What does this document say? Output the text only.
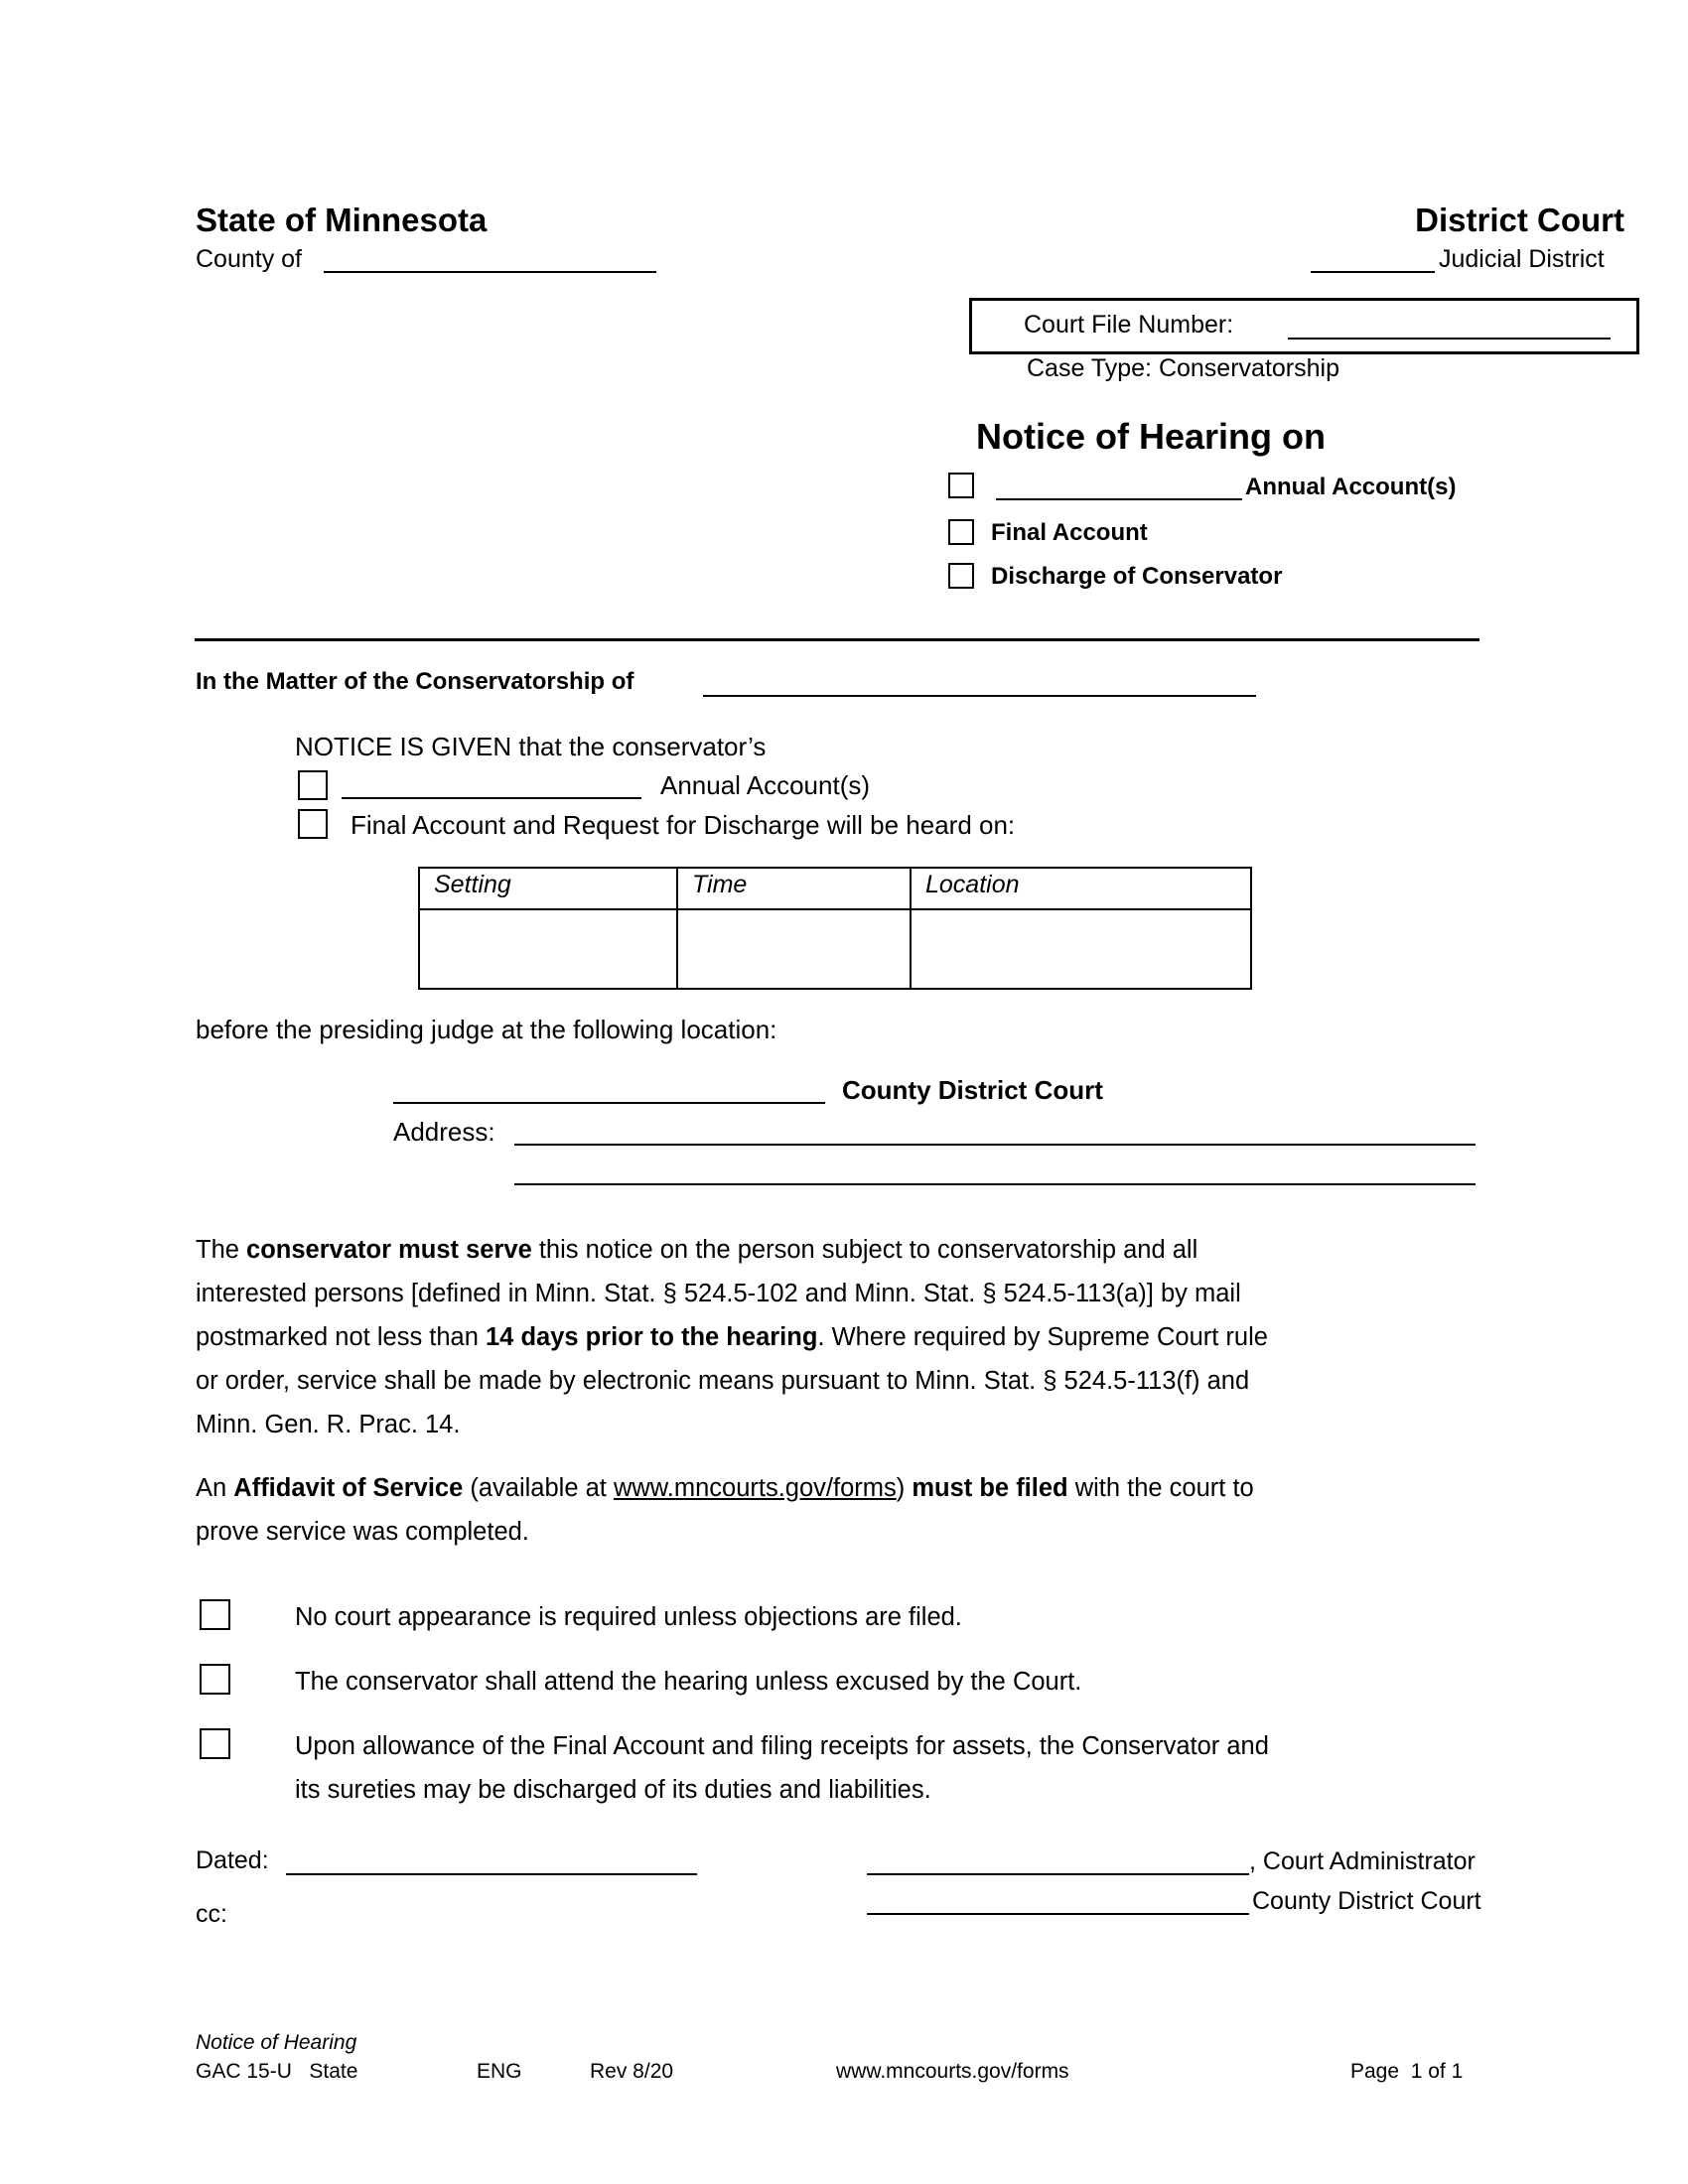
State of Minnesota
County of
District Court
Judicial District
Court File Number:
Case Type: Conservatorship
Notice of Hearing on
Annual Account(s)
Final Account
Discharge of Conservator
In the Matter of the Conservatorship of
NOTICE IS GIVEN that the conservator’s
Annual Account(s)
Final Account and Request for Discharge will be heard on:
Setting	Time	Location

before the presiding judge at the following location:
County District Court
Address:
The conservator must serve this notice on the person subject to conservatorship and all
interested persons [defined in Minn. Stat. § 524.5-102 and Minn. Stat. § 524.5-113(a)] by mail
postmarked not less than 14 days prior to the hearing. Where required by Supreme Court rule
or order, service shall be made by electronic means pursuant to Minn. Stat. § 524.5-113(f) and
Minn. Gen. R. Prac. 14.
An Affidavit of Service (available at www.mncourts.gov/forms) must be filed with the court to
prove service was completed.
No court appearance is required unless objections are filed.
The conservator shall attend the hearing unless excused by the Court.
Upon allowance of the Final Account and filing receipts for assets, the Conservator and
its sureties may be discharged of its duties and liabilities.
Dated:
cc:
, Court Administrator
County District Court
Notice of Hearing
GAC 15-U   State	ENG	Rev 8/20	www.mncourts.gov/forms	Page  1 of 1
